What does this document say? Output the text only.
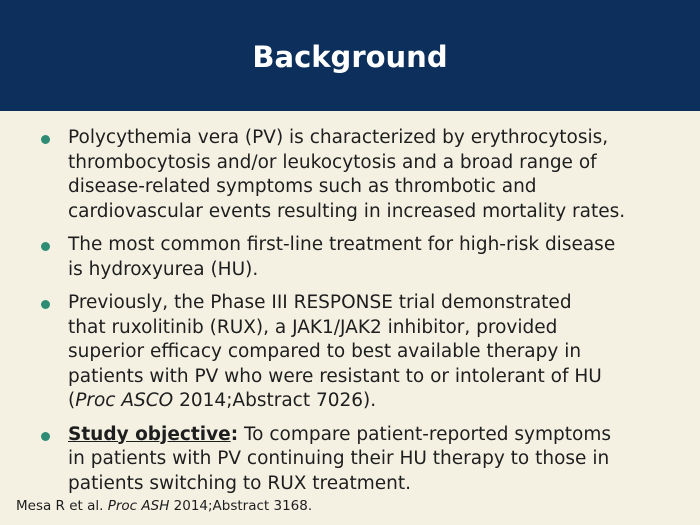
Background
Polycythemia vera (PV) is characterized by erythrocytosis,
thrombocytosis and/or leukocytosis and a broad range of
disease-related symptoms such as thrombotic and
cardiovascular events resulting in increased mortality rates.
The most common first-line treatment for high-risk disease
is hydroxyurea (HU).
Previously, the Phase III RESPONSE trial demonstrated
that ruxolitinib (RUX), a JAK1/JAK2 inhibitor, provided
superior efficacy compared to best available therapy in
patients with PV who were resistant to or intolerant of HU
(Proc ASCO 2014;Abstract 7026).
Study objective: To compare patient-reported symptoms
in patients with PV continuing their HU therapy to those in
patients switching to RUX treatment.
Mesa R et al. Proc ASH 2014;Abstract 3168.
